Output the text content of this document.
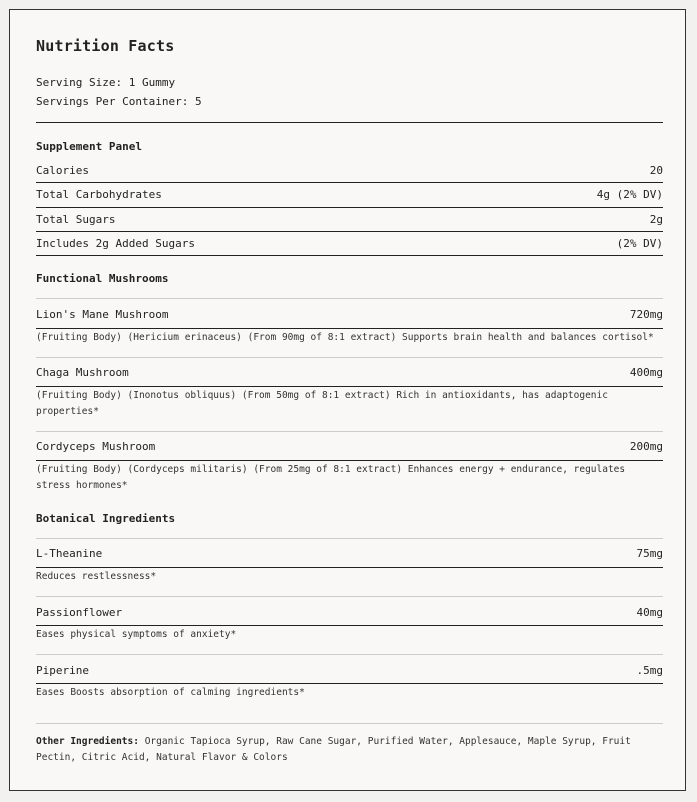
Nutrition Facts
Serving Size: 1 Gummy
Servings Per Container: 5
Supplement Panel
Calories	20
Total Carbohydrates	4g (2% DV)
Total Sugars	2g
Includes 2g Added Sugars	(2% DV)
Functional Mushrooms
Lion's Mane Mushroom	720mg
(Fruiting Body) (Hericium erinaceus) (From 90mg of 8:1 extract) Supports brain health and balances cortisol*
Chaga Mushroom	400mg
(Fruiting Body) (Inonotus obliquus) (From 50mg of 8:1 extract) Rich in antioxidants, has adaptogenic properties*
Cordyceps Mushroom	200mg
(Fruiting Body) (Cordyceps militaris) (From 25mg of 8:1 extract) Enhances energy + endurance, regulates stress hormones*
Botanical Ingredients
L-Theanine	75mg
Reduces restlessness*
Passionflower	40mg
Eases physical symptoms of anxiety*
Piperine	.5mg
Eases Boosts absorption of calming ingredients*
Other Ingredients: Organic Tapioca Syrup, Raw Cane Sugar, Purified Water, Applesauce, Maple Syrup, Fruit Pectin, Citric Acid, Natural Flavor & Colors
